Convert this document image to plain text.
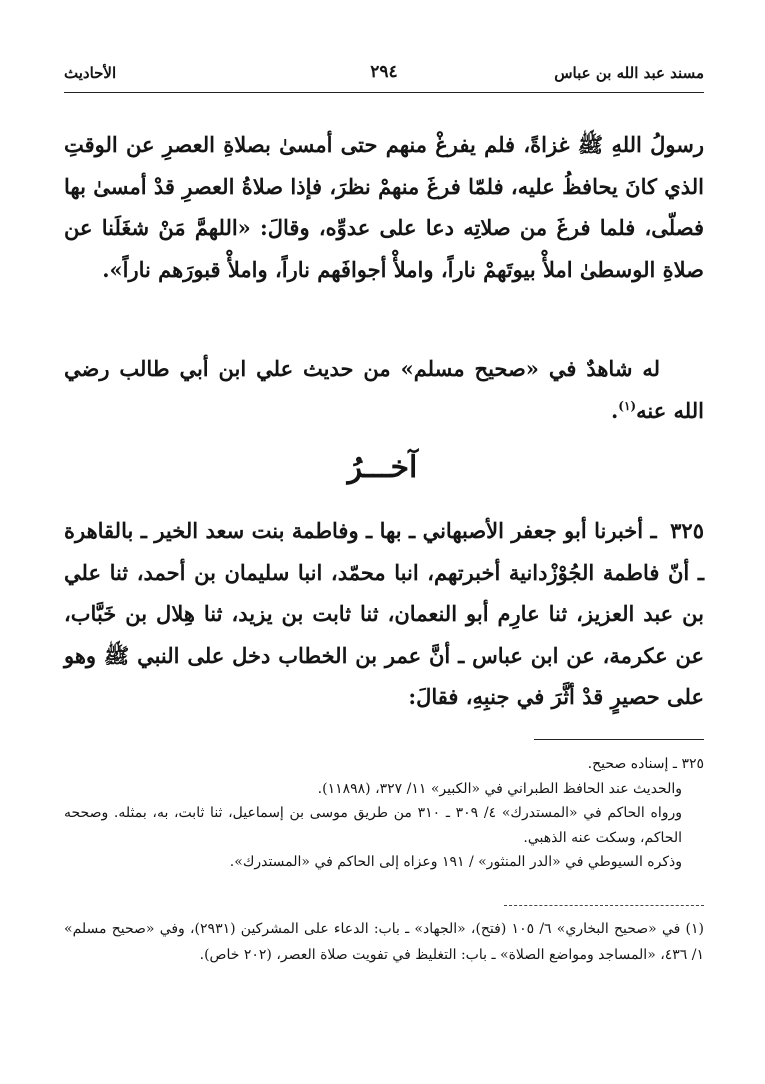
مسند عبد الله بن عباس
٢٩٤
الأحاديث

رسولُ اللهِ ﷺ غزاةً، فلم يفرغْ منهم حتى أمسىٰ بصلاةِ العصرِ عن الوقتِ الذي كانَ يحافظُ عليه، فلمّا فرغَ منهمْ نظرَ، فإذا صلاةُ العصرِ قدْ أمسىٰ بها فصلّى، فلما فرغَ من صلاتِه دعا على عدوِّه، وقالَ: «اللهمَّ مَنْ شغَلَنا عن صلاةِ الوسطىٰ املأْ بيوتَهمْ ناراً، واملأْ أجوافَهم ناراً، واملأْ قبورَهم ناراً».

له شاهدٌ في «صحيح مسلم» من حديث علي ابن أبي طالب رضي الله عنه$^{(١)}$.

آخـــرُ

٣٢٥ ـ أخبرنا أبو جعفر الأصبهاني ـ بها ـ وفاطمة بنت سعد الخير ـ بالقاهرة ـ أنّ فاطمة الجُوْزْدانية أخبرتهم، انبا محمّد، انبا سليمان بن أحمد، ثنا علي بن عبد العزيز، ثنا عارِم أبو النعمان، ثنا ثابت بن يزيد، ثنا هِلال بن خَبَّاب، عن عكرمة، عن ابن عباس ـ أنَّ عمر بن الخطاب دخل على النبي ﷺ وهو على حصيرٍ قدْ أثَّرَ في جنبِهِ، فقالَ:

٣٢٥ ـ إسناده صحيح.

والحديث عند الحافظ الطبراني في «الكبير» ١١/ ٣٢٧، (١١٨٩٨).

ورواه الحاكم في «المستدرك» ٤/ ٣٠٩ ـ ٣١٠ من طريق موسى بن إسماعيل، ثنا ثابت، به، بمثله. وصححه الحاكم، وسكت عنه الذهبي.

وذكره السيوطي في «الدر المنثور» / ١٩١ وعزاه إلى الحاكم في «المستدرك».

(١) في «صحيح البخاري» ٦/ ١٠٥ (فتح)، «الجهاد» ـ باب: الدعاء على المشركين (٢٩٣١)، وفي «صحيح مسلم» ١/ ٤٣٦، «المساجد ومواضع الصلاة» ـ باب: التغليظ في تفويت صلاة العصر، (٢٠٢ خاص).
